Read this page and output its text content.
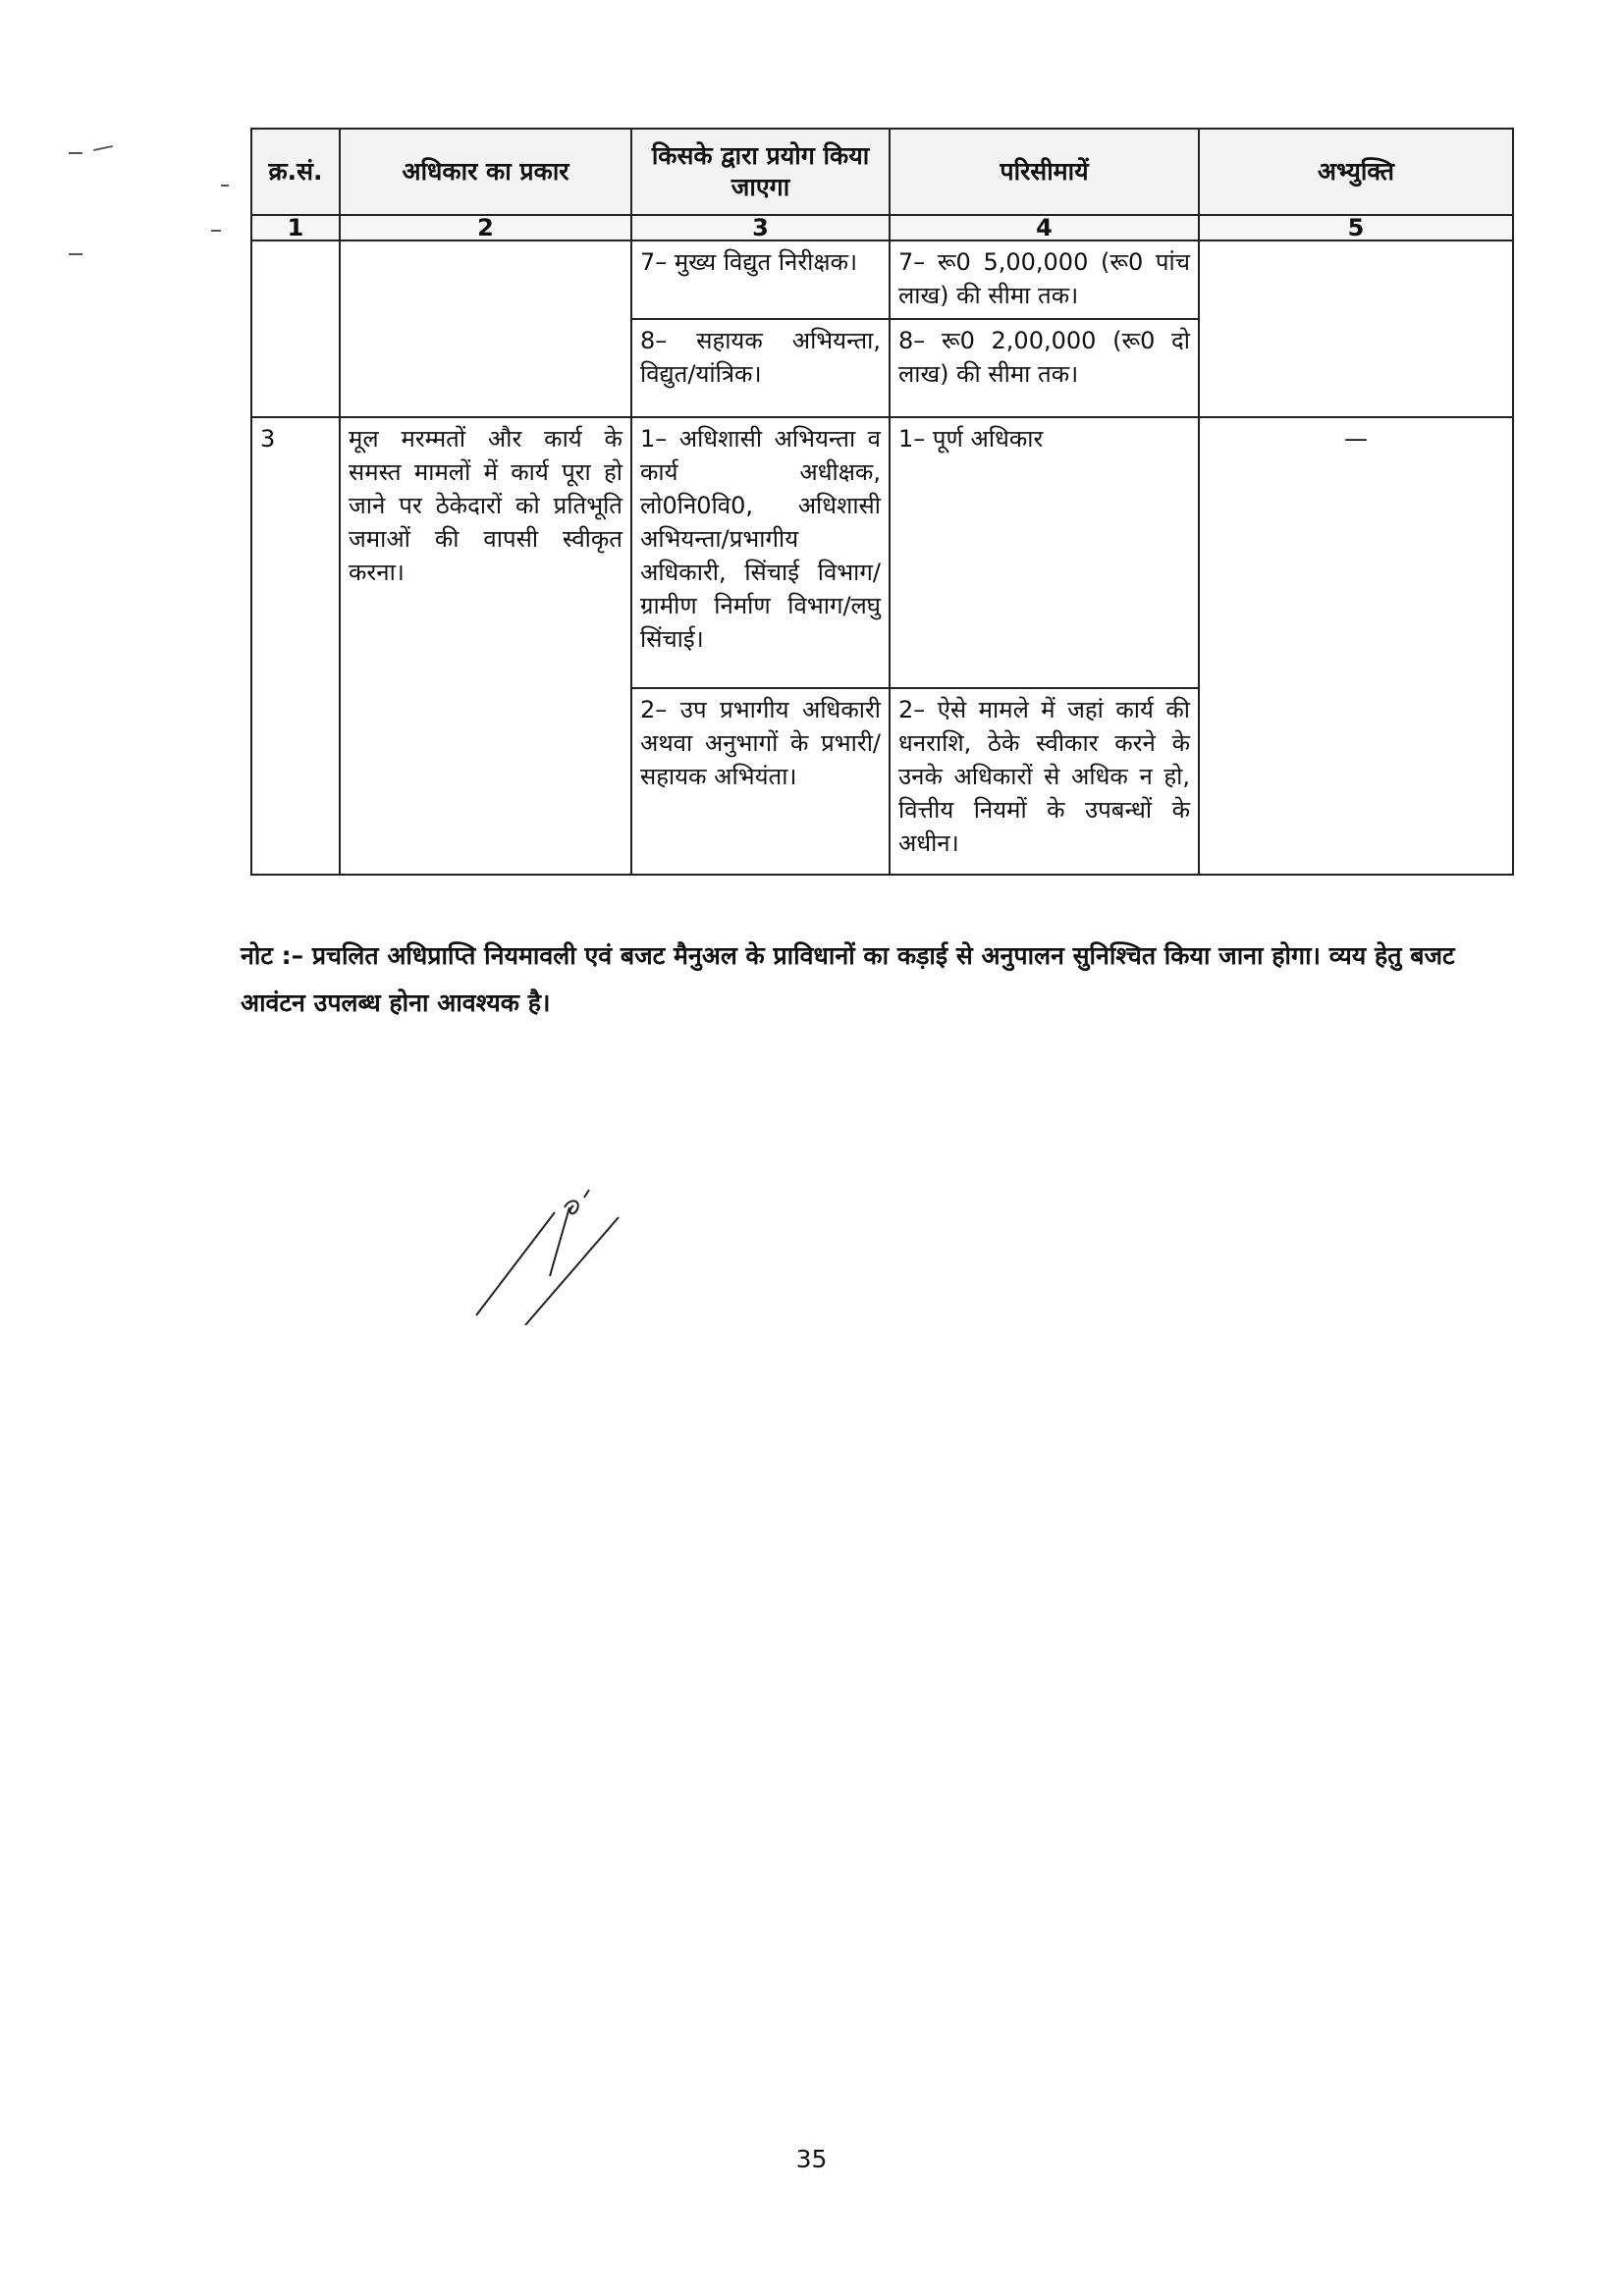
क्र.सं.	अधिकार का प्रकार	किसके द्वारा प्रयोग किया जाएगा	परिसीमायें	अभ्युक्ति
1	2	3	4	5
		7– मुख्य विद्युत निरीक्षक।	7– रू0 5,00,000 (रू0 पांच लाख) की सीमा तक।	
		8– सहायक अभियन्ता, विद्युत/यांत्रिक।	8– रू0 2,00,000 (रू0 दो लाख) की सीमा तक।	
3	मूल मरम्मतों और कार्य के समस्त मामलों में कार्य पूरा हो जाने पर ठेकेदारों को प्रतिभूति जमाओं की वापसी स्वीकृत करना।	1– अधिशासी अभियन्ता व कार्य अधीक्षक, लो0नि0वि0, अधिशासी अभियन्ता/प्रभागीय अधिकारी, सिंचाई विभाग/ ग्रामीण निर्माण विभाग/लघु सिंचाई।	1– पूर्ण अधिकार	—
		2– उप प्रभागीय अधिकारी अथवा अनुभागों के प्रभारी/सहायक अभियंता।	2– ऐसे मामले में जहां कार्य की धनराशि, ठेके स्वीकार करने के उनके अधिकारों से अधिक न हो, वित्तीय नियमों के उपबन्धों के अधीन।	
नोट :– प्रचलित अधिप्राप्ति नियमावली एवं बजट मैनुअल के प्राविधानों का कड़ाई से अनुपालन सुनिश्चित किया जाना होगा। व्यय हेतु बजट आवंटन उपलब्ध होना आवश्यक है।
35
